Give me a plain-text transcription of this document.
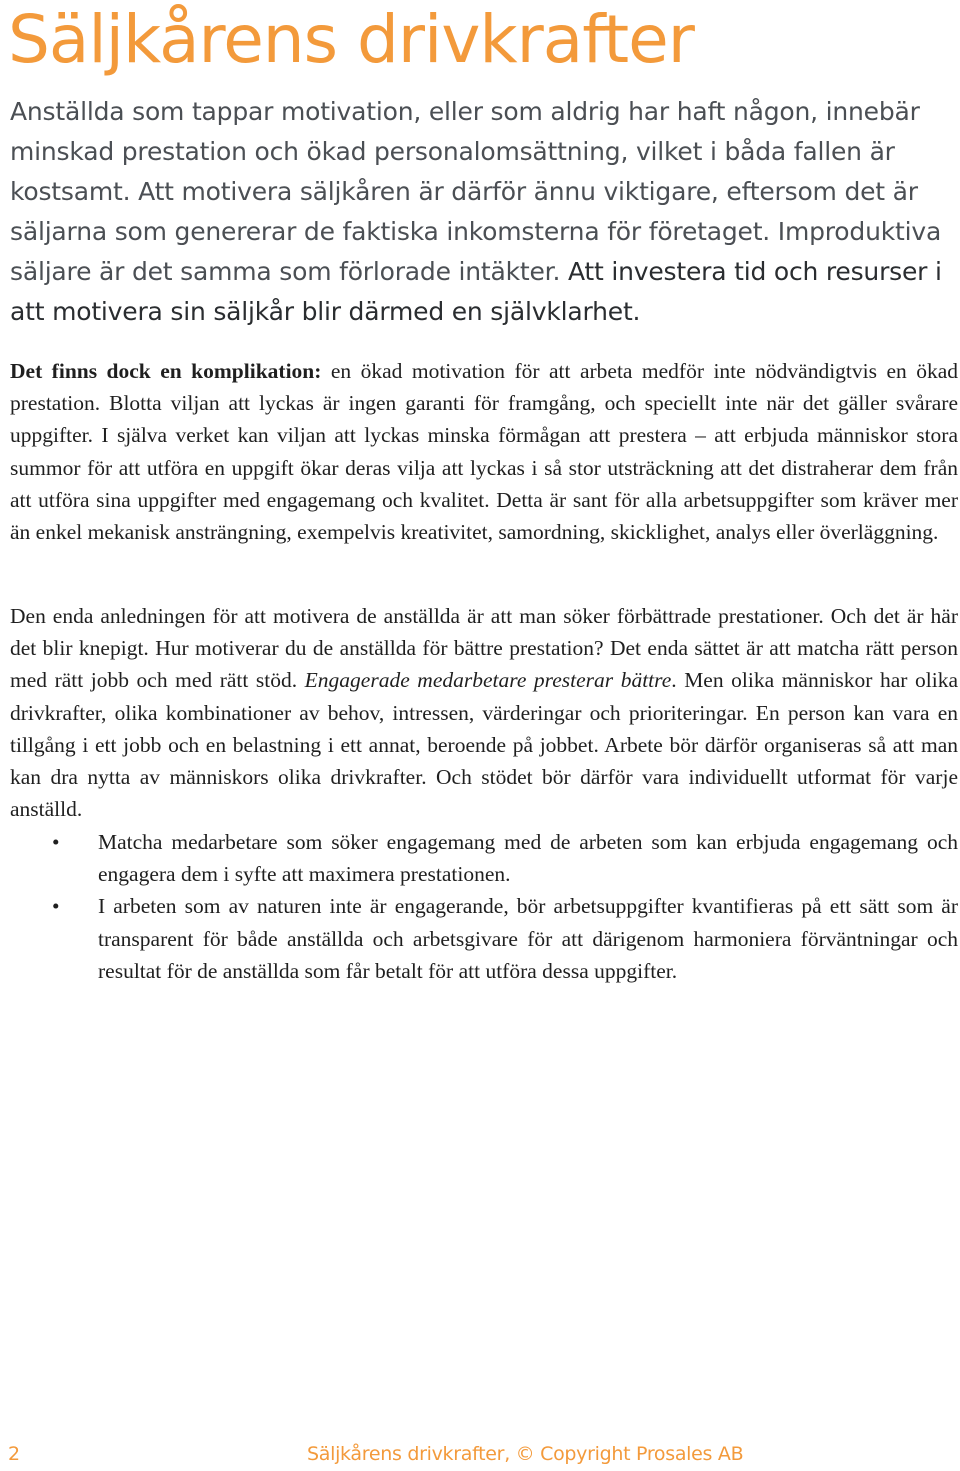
Säljkårens drivkrafter

Anställda som tappar motivation, eller som aldrig har haft någon, innebär minskad prestation och ökad personalomsättning, vilket i båda fallen är kostsamt. Att motivera säljkåren är därför ännu viktigare, eftersom det är säljarna som genererar de faktiska inkomsterna för företaget. Improduktiva säljare är det samma som förlorade intäkter. Att investera tid och resurser i att motivera sin säljkår blir därmed en självklarhet.

Det finns dock en komplikation: en ökad motivation för att arbeta medför inte nödvändigtvis en ökad prestation. Blotta viljan att lyckas är ingen garanti för framgång, och speciellt inte när det gäller svårare uppgifter. I själva verket kan viljan att lyckas minska förmågan att prestera – att erbjuda människor stora summor för att utföra en uppgift ökar deras vilja att lyckas i så stor utsträckning att det distraherar dem från att utföra sina uppgifter med engagemang och kvalitet. Detta är sant för alla arbetsuppgifter som kräver mer än enkel mekanisk ansträngning, exempelvis kreativitet, samordning, skicklighet, analys eller överläggning.

Den enda anledningen för att motivera de anställda är att man söker förbättrade prestationer. Och det är här det blir knepigt. Hur motiverar du de anställda för bättre prestation? Det enda sättet är att matcha rätt person med rätt jobb och med rätt stöd. Engagerade medarbetare presterar bättre. Men olika människor har olika drivkrafter, olika kombinationer av behov, intressen, värderingar och prioriteringar. En person kan vara en tillgång i ett jobb och en belastning i ett annat, beroende på jobbet. Arbete bör därför organiseras så att man kan dra nytta av människors olika drivkrafter. Och stödet bör därför vara individuellt utformat för varje anställd.

• Matcha medarbetare som söker engagemang med de arbeten som kan erbjuda engagemang och engagera dem i syfte att maximera prestationen.
• I arbeten som av naturen inte är engagerande, bör arbetsuppgifter kvantifieras på ett sätt som är transparent för både anställda och arbetsgivare för att därigenom harmoniera förväntningar och resultat för de anställda som får betalt för att utföra dessa uppgifter.

2	Säljkårens drivkrafter, © Copyright Prosales AB
